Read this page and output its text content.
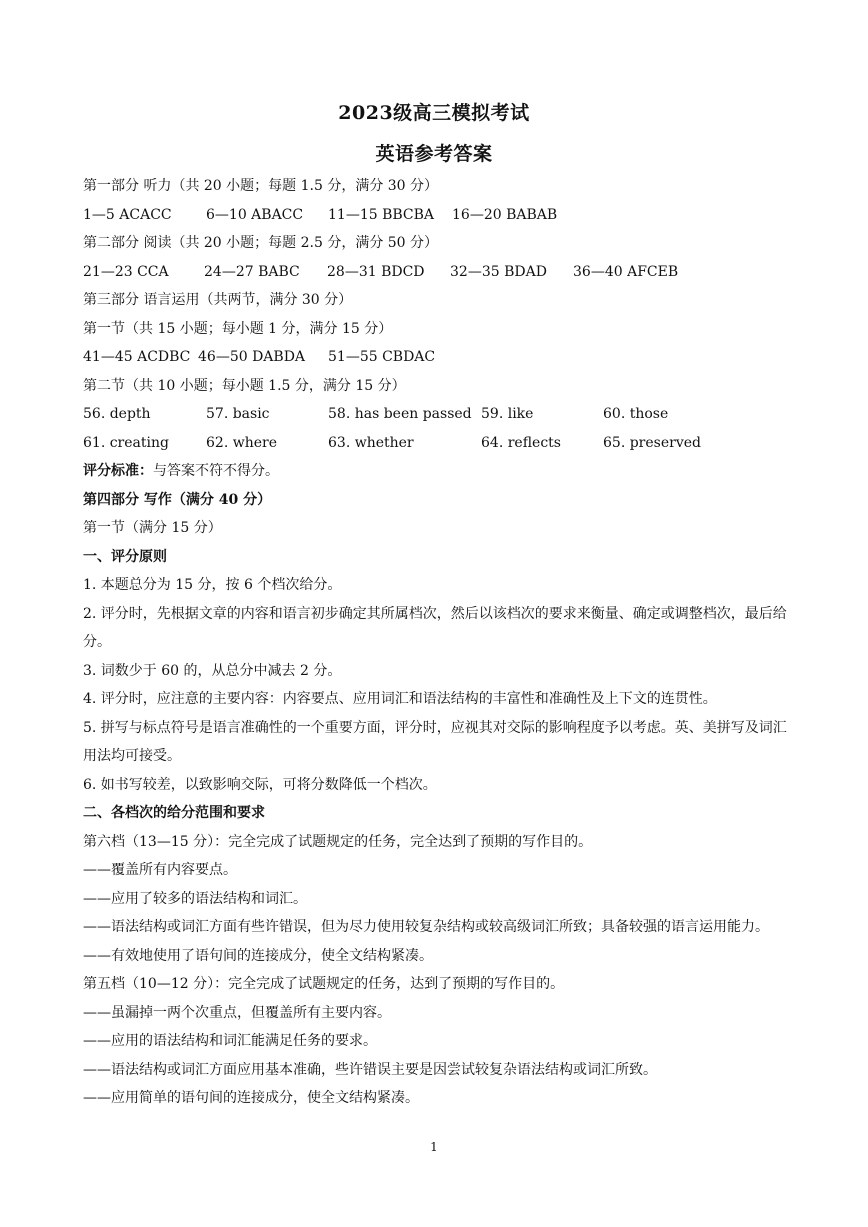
2023级高三模拟考试
英语参考答案
第一部分 听力（共 20 小题；每题 1.5 分，满分 30 分）
1—5 ACACC	6—10 ABACC	11—15 BBCBA	16—20 BABAB
第二部分 阅读（共 20 小题；每题 2.5 分，满分 50 分）
21—23 CCA	24—27 BABC	28—31 BDCD	32—35 BDAD	36—40 AFCEB
第三部分 语言运用（共两节，满分 30 分）
第一节（共 15 小题；每小题 1 分，满分 15 分）
41—45 ACDBC 46—50 DABDA	51—55 CBDAC
第二节（共 10 小题；每小题 1.5 分，满分 15 分）
56. depth	57. basic	58. has been passed 59. like	60. those
61. creating	62. where	63. whether	64. reflects	65. preserved
评分标准：与答案不符不得分。
第四部分 写作（满分 40 分）
第一节（满分 15 分）
一、评分原则
1. 本题总分为 15 分，按 6 个档次给分。
2. 评分时，先根据文章的内容和语言初步确定其所属档次，然后以该档次的要求来衡量、确定或调整档次，最后给分。
3. 词数少于 60 的，从总分中减去 2 分。
4. 评分时，应注意的主要内容：内容要点、应用词汇和语法结构的丰富性和准确性及上下文的连贯性。
5. 拼写与标点符号是语言准确性的一个重要方面，评分时，应视其对交际的影响程度予以考虑。英、美拼写及词汇用法均可接受。
6. 如书写较差，以致影响交际，可将分数降低一个档次。
二、各档次的给分范围和要求
第六档（13—15 分）：完全完成了试题规定的任务，完全达到了预期的写作目的。
——覆盖所有内容要点。
——应用了较多的语法结构和词汇。
——语法结构或词汇方面有些许错误，但为尽力使用较复杂结构或较高级词汇所致；具备较强的语言运用能力。
——有效地使用了语句间的连接成分，使全文结构紧凑。
第五档（10—12 分）：完全完成了试题规定的任务，达到了预期的写作目的。
——虽漏掉一两个次重点，但覆盖所有主要内容。
——应用的语法结构和词汇能满足任务的要求。
——语法结构或词汇方面应用基本准确，些许错误主要是因尝试较复杂语法结构或词汇所致。
——应用简单的语句间的连接成分，使全文结构紧凑。
1
